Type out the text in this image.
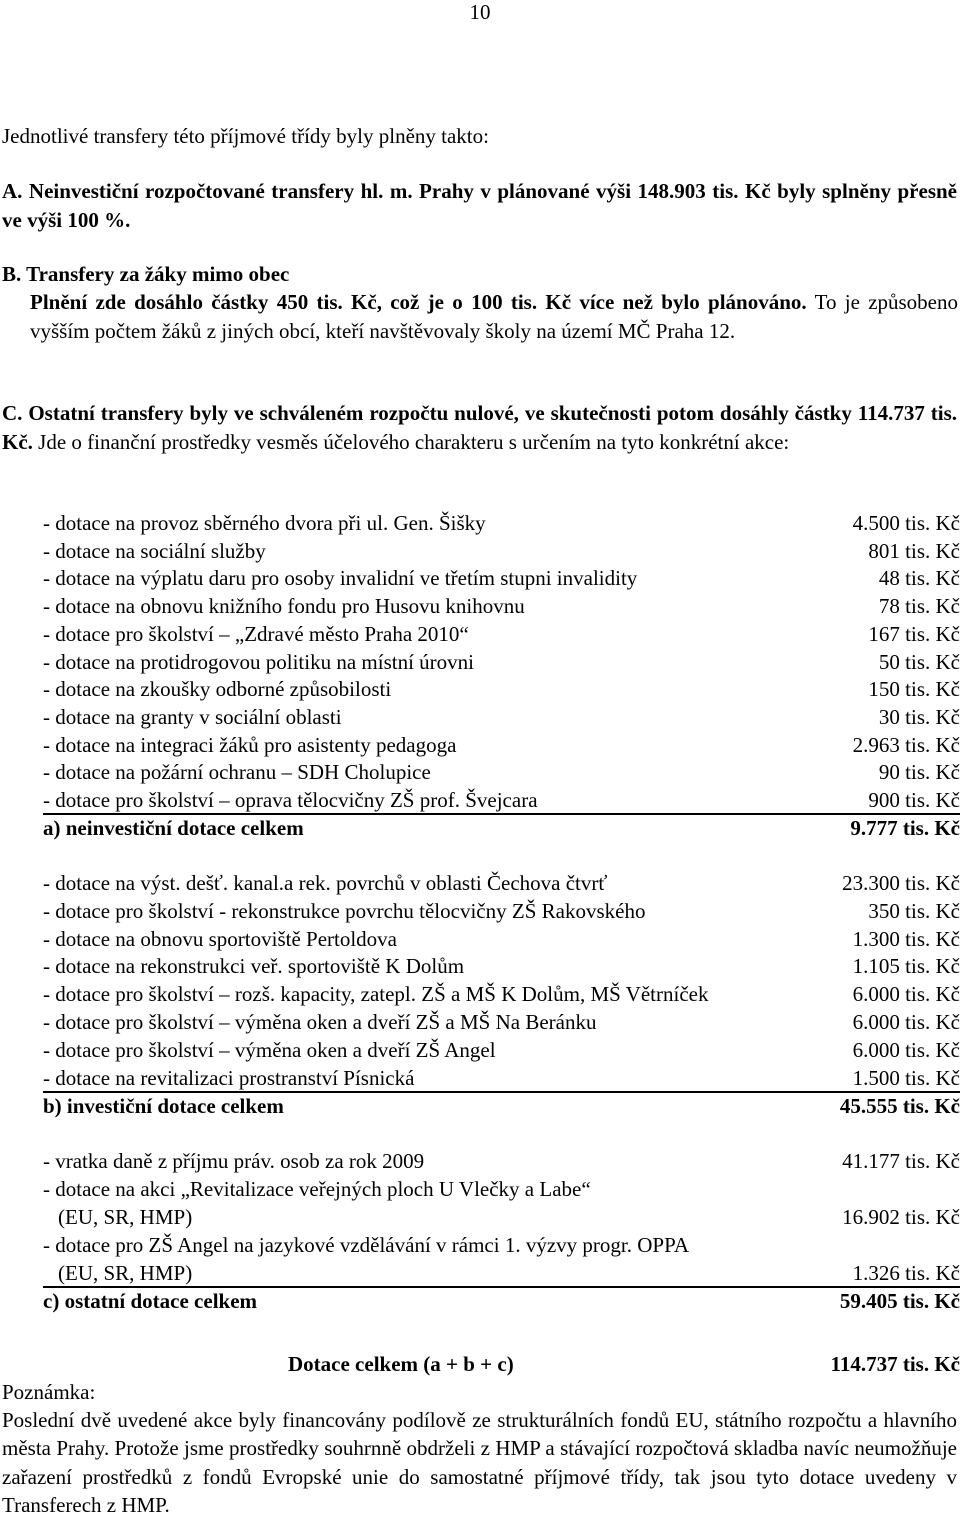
10
Jednotlivé transfery této příjmové třídy byly plněny takto:
A. Neinvestiční rozpočtované transfery hl. m. Prahy v plánované výši 148.903 tis. Kč byly splněny přesně ve výši 100 %.
B. Transfery za žáky mimo obec
Plnění zde dosáhlo částky 450 tis. Kč, což je o 100 tis. Kč více než bylo plánováno. To je způsobeno vyšším počtem žáků z jiných obcí, kteří navštěvovaly školy na území MČ Praha 12.
C. Ostatní transfery byly ve schváleném rozpočtu nulové, ve skutečnosti potom dosáhly částky 114.737 tis. Kč. Jde o finanční prostředky vesměs účelového charakteru s určením na tyto konkrétní akce:
- dotace na provoz sběrného dvora při ul. Gen. Šišky	4.500 tis. Kč
- dotace na sociální služby	801 tis. Kč
- dotace na výplatu daru pro osoby invalidní ve třetím stupni invalidity	48 tis. Kč
- dotace na obnovu knižního fondu pro Husovu knihovnu	78 tis. Kč
- dotace pro školství – „Zdravé město Praha 2010“	167 tis. Kč
- dotace na protidrogovou politiku na místní úrovni	50 tis. Kč
- dotace na zkoušky odborné způsobilosti	150 tis. Kč
- dotace na granty v sociální oblasti	30 tis. Kč
- dotace na integraci žáků pro asistenty pedagoga	2.963 tis. Kč
- dotace na požární ochranu – SDH Cholupice	90 tis. Kč
- dotace pro školství – oprava tělocvičny ZŠ prof. Švejcara	900 tis. Kč
a) neinvestiční dotace celkem	9.777 tis. Kč
- dotace na výst. dešť. kanal.a rek. povrchů v oblasti Čechova čtvrť	23.300 tis. Kč
- dotace pro školství - rekonstrukce povrchu tělocvičny ZŠ Rakovského	350 tis. Kč
- dotace na obnovu sportoviště Pertoldova	1.300 tis. Kč
- dotace na rekonstrukci veř. sportoviště K Dolům	1.105 tis. Kč
- dotace pro školství – rozš. kapacity, zatepl. ZŠ a MŠ K Dolům, MŠ Větrníček	6.000 tis. Kč
- dotace pro školství – výměna oken a dveří ZŠ a MŠ Na Beránku	6.000 tis. Kč
- dotace pro školství – výměna oken a dveří ZŠ Angel	6.000 tis. Kč
- dotace na revitalizaci prostranství Písnická	1.500 tis. Kč
b) investiční dotace celkem	45.555 tis. Kč
- vratka daně z příjmu práv. osob za rok 2009	41.177 tis. Kč
- dotace na akci „Revitalizace veřejných ploch U Vlečky a Labe“
(EU, SR, HMP)	16.902 tis. Kč
- dotace pro ZŠ Angel na jazykové vzdělávání v rámci 1. výzvy progr. OPPA
(EU, SR, HMP)	1.326 tis. Kč
c) ostatní dotace celkem	59.405 tis. Kč
Dotace celkem (a + b + c)	114.737 tis. Kč
Poznámka:
Poslední dvě uvedené akce byly financovány podílově ze strukturálních fondů EU, státního rozpočtu a hlavního města Prahy. Protože jsme prostředky souhrnně obdrželi z HMP a stávající rozpočtová skladba navíc neumožňuje zařazení prostředků z fondů Evropské unie do samostatné příjmové třídy, tak jsou tyto dotace uvedeny v Transferech z HMP.
